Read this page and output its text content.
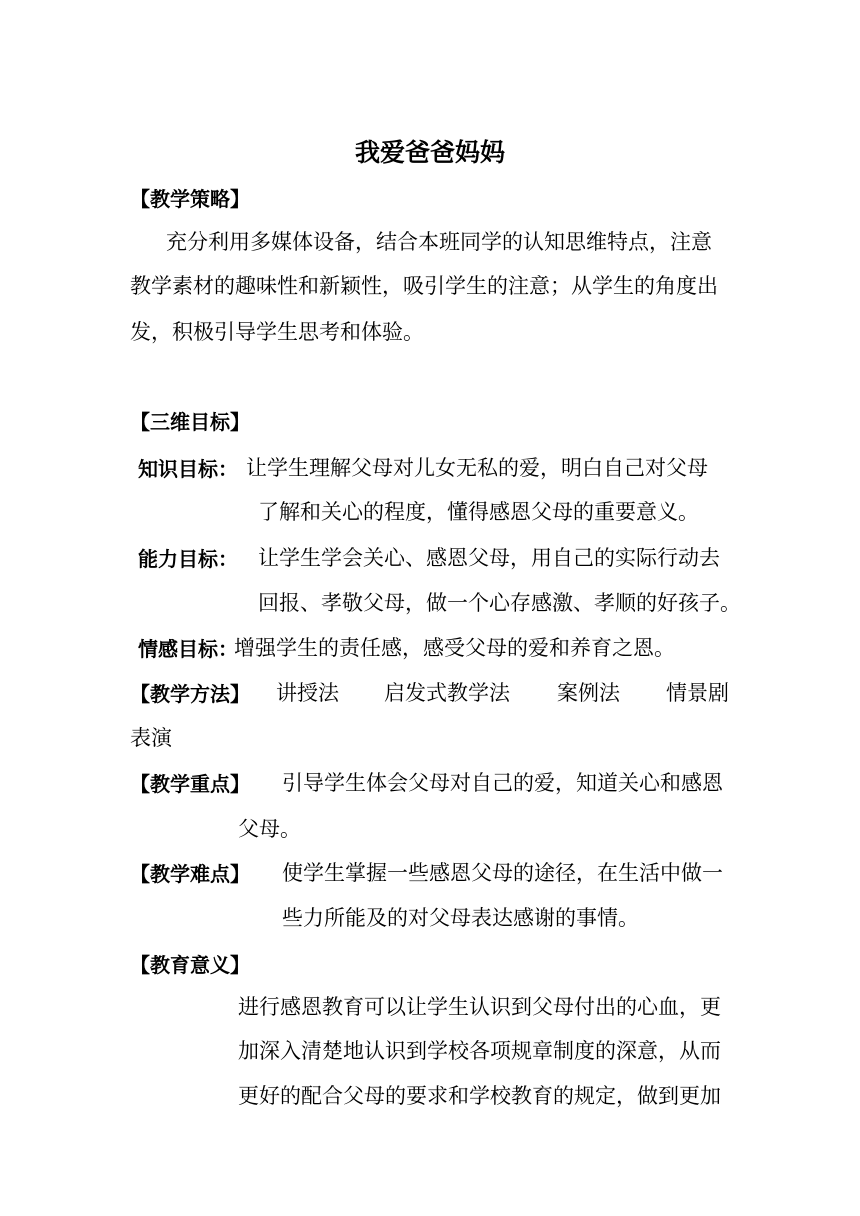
我爱爸爸妈妈
【教学策略】
充分利用多媒体设备，结合本班同学的认知思维特点，注意
教学素材的趣味性和新颖性，吸引学生的注意；从学生的角度出
发，积极引导学生思考和体验。
【三维目标】
知识目标： 让学生理解父母对儿女无私的爱，明白自己对父母
了解和关心的程度，懂得感恩父母的重要意义。
能力目标： 让学生学会关心、感恩父母，用自己的实际行动去
回报、孝敬父母，做一个心存感激、孝顺的好孩子。
情感目标：
增强学生的责任感，感受父母的爱和养育之恩。
【教学方法】 讲授法 启发式教学法 案例法 情景剧
表演
【教学重点】 引导学生体会父母对自己的爱，知道关心和感恩
父母。
【教学难点】 使学生掌握一些感恩父母的途径，在生活中做一
些力所能及的对父母表达感谢的事情。
【教育意义】
进行感恩教育可以让学生认识到父母付出的心血，更
加深入清楚地认识到学校各项规章制度的深意，从而
更好的配合父母的要求和学校教育的规定，做到更加
